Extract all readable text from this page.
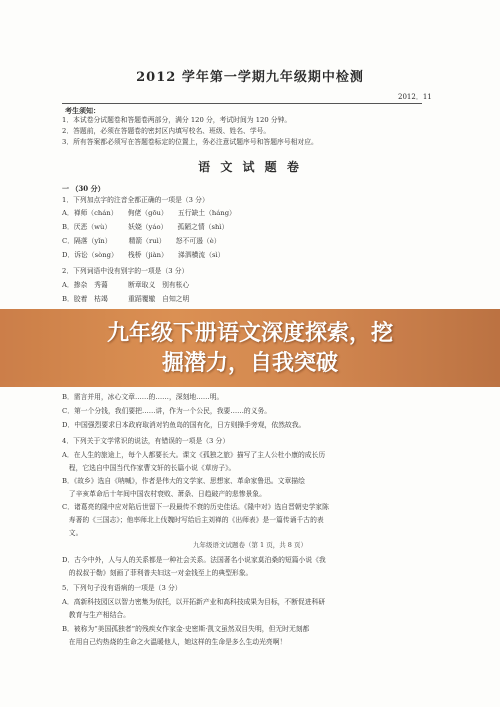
2012 学年第一学期九年级期中检测
2012．11
考生须知：
1．本试卷分试题卷和答题卷两部分，满分 120 分，考试时间为 120 分钟。
2．答题前，必须在答题卷的密封区内填写校名、班级、姓名、学号。
3．所有答案都必须写在答题卷标定的位置上，务必注意试题序号和答题序号相对应。
语 文 试 题 卷
一 （30 分）
1．下列加点字的注音全都正确的一项是（3 分）
A．禅师（chán）　　侚佬（gōu）　　五行缺土（háng）
B．厌恶（wù）　　　妖娆（yáo）　　孤陋之情（shì）
C．隔落（yǐn）　　　精箭（ruì）　　怒不可遏（è）
D．诉讼（sòng）　　栈桥（jiàn）　　涕泗横流（sì）
2．下列词语中没有别字的一项是（3 分）
A．掺杂　秀蔼　　　断章取义　别有枨心
B．胶着　枯竭　　　重蹈覆辙　自知之明
B．需言并用，冰心文章……的……，深刻地……明。
C．第一个分钱，我们要把……讲，作为一个公民，我要……的义务。
D．中国强烈要求日本政府取消对钓鱼岛的国有化，日方则操手旁观，依然故我。
4．下列关于文学常识的说法，有错误的一项是（3 分）
A．在人生的旅途上，每个人都要长大。课文《孤独之旅》描写了主人公杜小康的成长历
　程，它选自中国当代作家曹文轩的长篇小说《草房子》。
B．《故乡》选自《呐喊》，作者是伟大的文学家、思想家、革命家鲁迅。文章描绘
　了辛亥革命后十年间中国农村衰败、萧条、日趋破产的悲惨景象。
C．诸葛亮的隆中应对陷后世留下一段最传不衰的历史佳话。《隆中对》选自晋朝史学家陈
　寿著的《三国志》；他率师北上伐魏时写给后主刘禅的《出师表》是一篇传诵千古的表
　文。
九年级语文试题卷（第 1 页，共 8 页）
D．古今中外，人与人的关系都是一种社会关系。法国著名小说家莫泊桑的短篇小说《我
　的叔叔于勒》刻画了菲利普夫妇这一对金钱至上的典型形象。
5．下列句子没有语病的一项是（3 分）
A．高新科技园区以智力密集为依托，以开拓新产业和高科技成果为目标，不断促进科研
　教育与生产相结合。
B．被称为“美国孤独者”的残疾女作家金·史密斯·凯文虽然双目失明，但无时无刻都
　在用自己灼热烧的生命之火温暖他人，她这样的生命是多么生动光亮啊！
九年级下册语文深度探索，挖
掘潜力，自我突破
